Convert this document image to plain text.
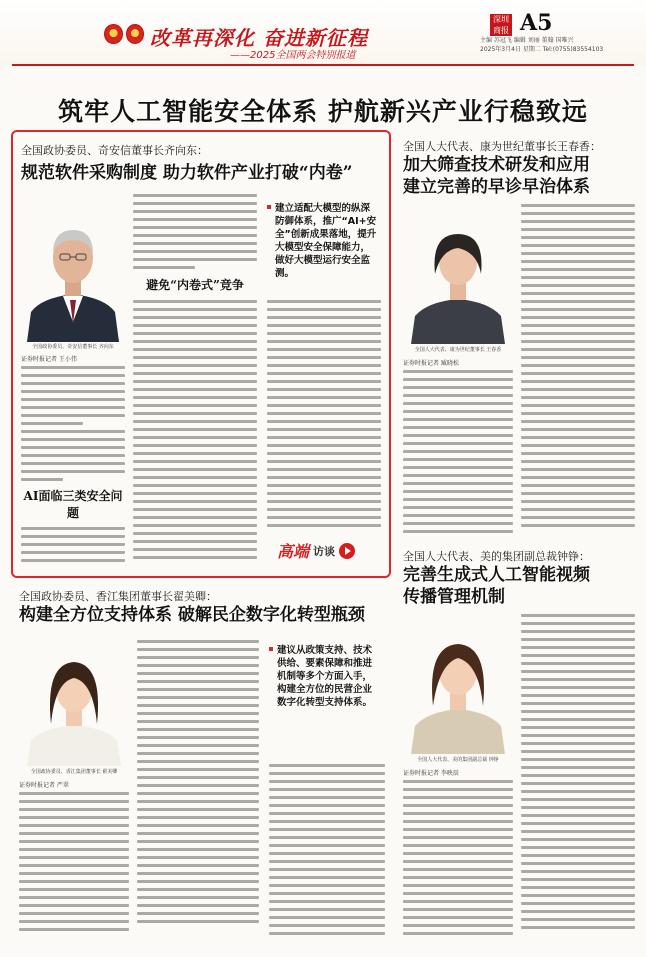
改革再深化 奋进新征程
——2025全国两会特别报道
深圳商报 A5
主编 苏冠飞 编辑 刘丽 董翰 国唯兴
2025年3月4日 星期二 Tel:(0755)83554103
筑牢人工智能安全体系 护航新兴产业行稳致远
全国政协委员、奇安信董事长齐向东：
规范软件采购制度 助力软件产业打破“内卷”
全国政协委员、奇安信董事长 齐向东
证券时报记者 王小伟
AI面临三类安全问题
避免“内卷式”竞争
建立适配大模型的纵深防御体系，推广“AI+安全”创新成果落地，提升大模型安全保障能力，做好大模型运行安全监测。
高端 访谈
全国人大代表、康为世纪董事长王春香：
加大筛查技术研发和应用
建立完善的早诊早治体系
全国人大代表、康为世纪董事长 王春香
证券时报记者 臧晓松
全国人大代表、美的集团副总裁钟铮：
完善生成式人工智能视频
传播管理机制
全国人大代表、美的集团副总裁 钟铮
证券时报记者 李映辰
全国政协委员、香江集团董事长翟美卿：
构建全方位支持体系 破解民企数字化转型瓶颈
全国政协委员、香江集团董事长 翟美卿
证券时报记者 严翠
建议从政策支持、技术供给、要素保障和推进机制等多个方面入手，构建全方位的民营企业数字化转型支持体系。
